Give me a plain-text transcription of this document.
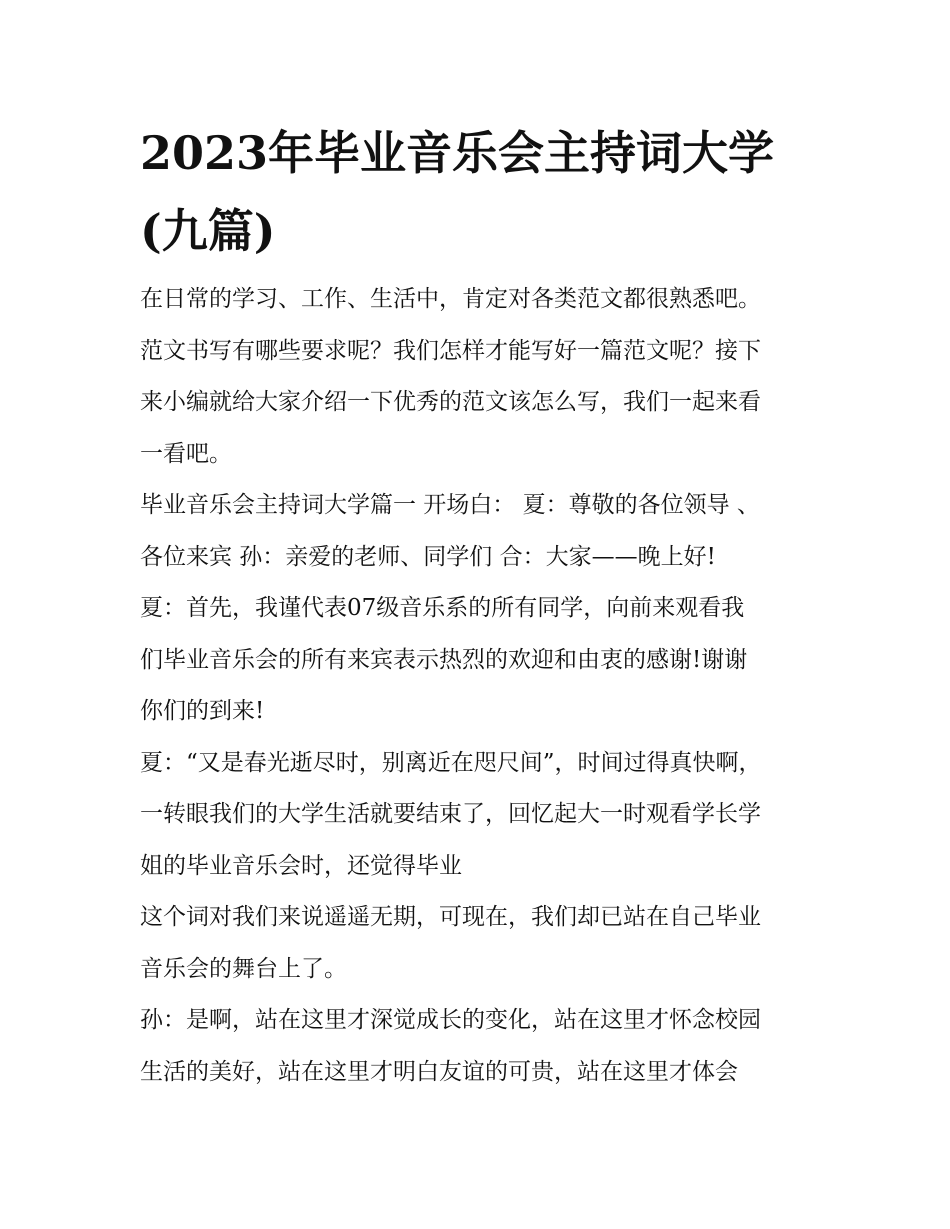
2023年毕业音乐会主持词大学
(九篇)
在日常的学习、工作、生活中，肯定对各类范文都很熟悉吧。
范文书写有哪些要求呢？我们怎样才能写好一篇范文呢？接下
来小编就给大家介绍一下优秀的范文该怎么写，我们一起来看
一看吧。
毕业音乐会主持词大学篇一 开场白： 夏：尊敬的各位领导 、
各位来宾 孙：亲爱的老师、同学们 合：大家——晚上好!
夏：首先，我谨代表07级音乐系的所有同学，向前来观看我
们毕业音乐会的所有来宾表示热烈的欢迎和由衷的感谢!谢谢
你们的到来!
夏：“又是春光逝尽时，别离近在咫尺间”，时间过得真快啊，
一转眼我们的大学生活就要结束了，回忆起大一时观看学长学
姐的毕业音乐会时，还觉得毕业
这个词对我们来说遥遥无期，可现在，我们却已站在自己毕业
音乐会的舞台上了。
孙：是啊，站在这里才深觉成长的变化，站在这里才怀念校园
生活的美好，站在这里才明白友谊的可贵，站在这里才体会
